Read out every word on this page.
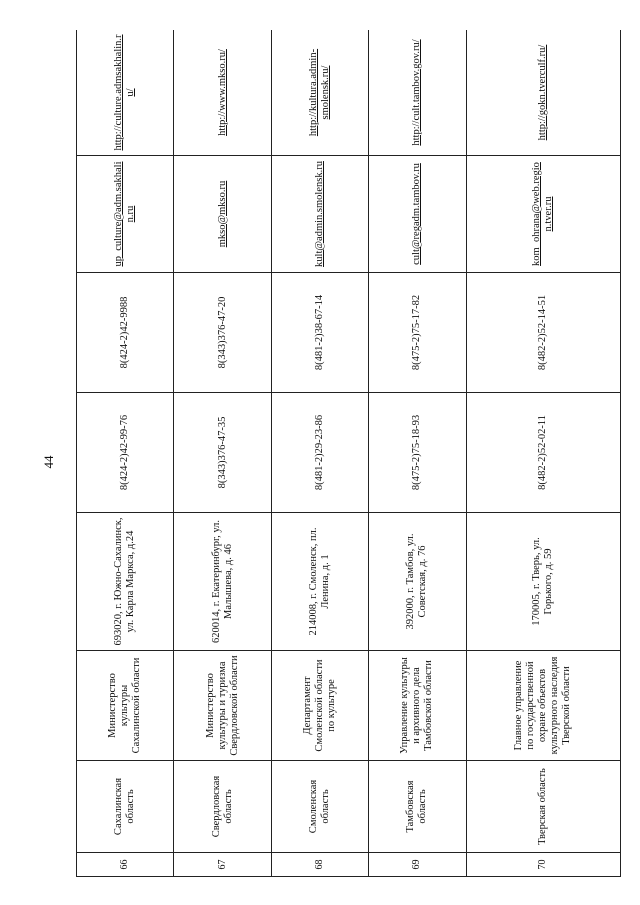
44
66	Сахалинская область	Министерство культуры Сахалинской области	693020, г. Южно-Сахалинск, ул. Карла Маркса, д.24	8(424-2)42-99-76	8(424-2)42-9988	up_culture@adm.sakhalin.ru	http://culture.admsakhalin.ru/
67	Свердловская область	Министерство культуры и туризма Свердловской области	620014, г. Екатеринбург, ул. Малышева, д. 46	8(343)376-47-35	8(343)376-47-20	mkso@mkso.ru	http://www.mkso.ru/
68	Смоленская область	Департамент Смоленской области по культуре	214008, г. Смоленск, пл. Ленина, д. 1	8(481-2)29-23-86	8(481-2)38-67-14	kult@admin.smolensk.ru	http://kultura.admin-smolensk.ru/
69	Тамбовская область	Управление культуры и архивного дела Тамбовской области	392000, г. Тамбов, ул. Советская, д. 76	8(475-2)75-18-93	8(475-2)75-17-82	cult@regadm.tambov.ru	http://cult.tambov.gov.ru/
70	Тверская область	Главное управление по государственной охране объектов культурного наследия Тверской области	170005, г. Тверь, ул. Горького, д. 59	8(482-2)52-02-11	8(482-2)52-14-51	kom_ohrana@web.region.tver.ru	http://gokn.tverculf.ru/
